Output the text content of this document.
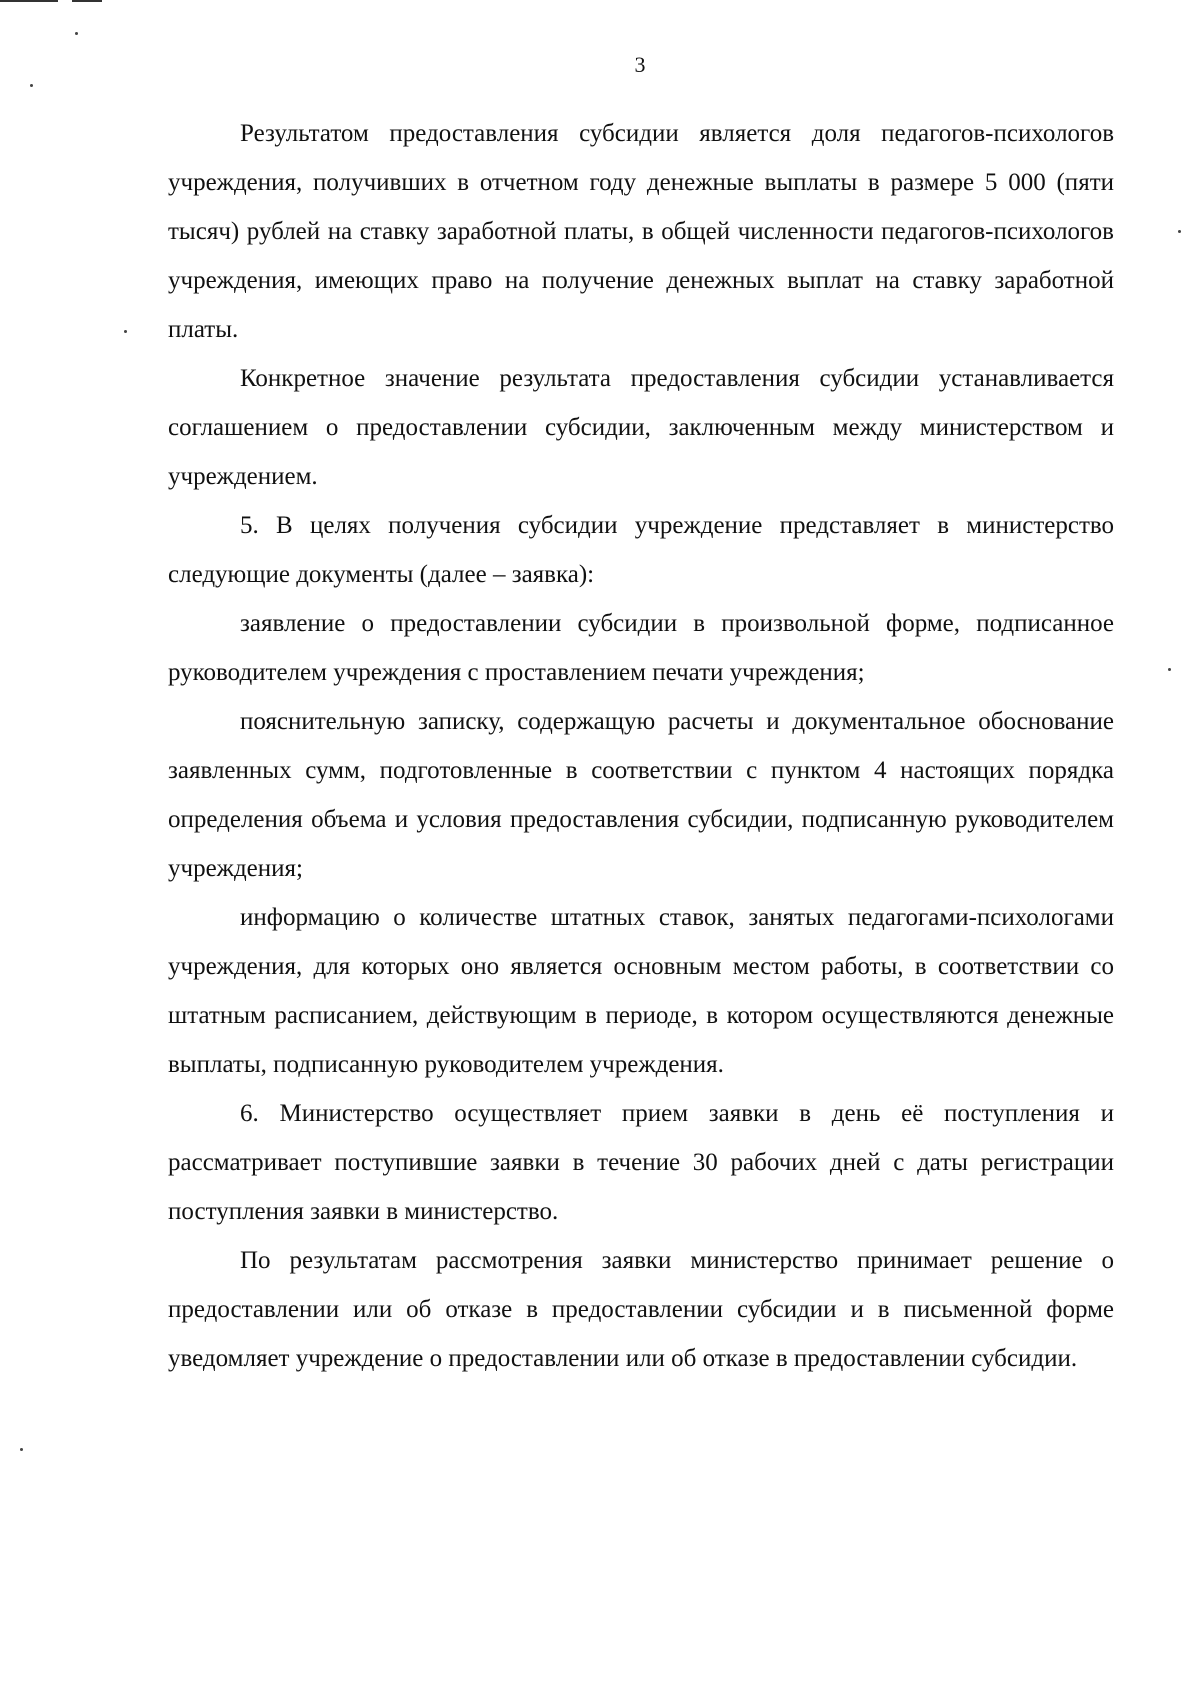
3

Результатом предоставления субсидии является доля педагогов-психологов учреждения, получивших в отчетном году денежные выплаты в размере 5 000 (пяти тысяч) рублей на ставку заработной платы, в общей численности педагогов-психологов учреждения, имеющих право на получение денежных выплат на ставку заработной платы.

Конкретное значение результата предоставления субсидии устанавливается соглашением о предоставлении субсидии, заключенным между министерством и учреждением.

5. В целях получения субсидии учреждение представляет в министерство следующие документы (далее – заявка):

заявление о предоставлении субсидии в произвольной форме, подписанное руководителем учреждения с проставлением печати учреждения;

пояснительную записку, содержащую расчеты и документальное обоснование заявленных сумм, подготовленные в соответствии с пунктом 4 настоящих порядка определения объема и условия предоставления субсидии, подписанную руководителем учреждения;

информацию о количестве штатных ставок, занятых педагогами-психологами учреждения, для которых оно является основным местом работы, в соответствии со штатным расписанием, действующим в периоде, в котором осуществляются денежные выплаты, подписанную руководителем учреждения.

6. Министерство осуществляет прием заявки в день её поступления и рассматривает поступившие заявки в течение 30 рабочих дней с даты регистрации поступления заявки в министерство.

По результатам рассмотрения заявки министерство принимает решение о предоставлении или об отказе в предоставлении субсидии и в письменной форме уведомляет учреждение о предоставлении или об отказе в предоставлении субсидии.
